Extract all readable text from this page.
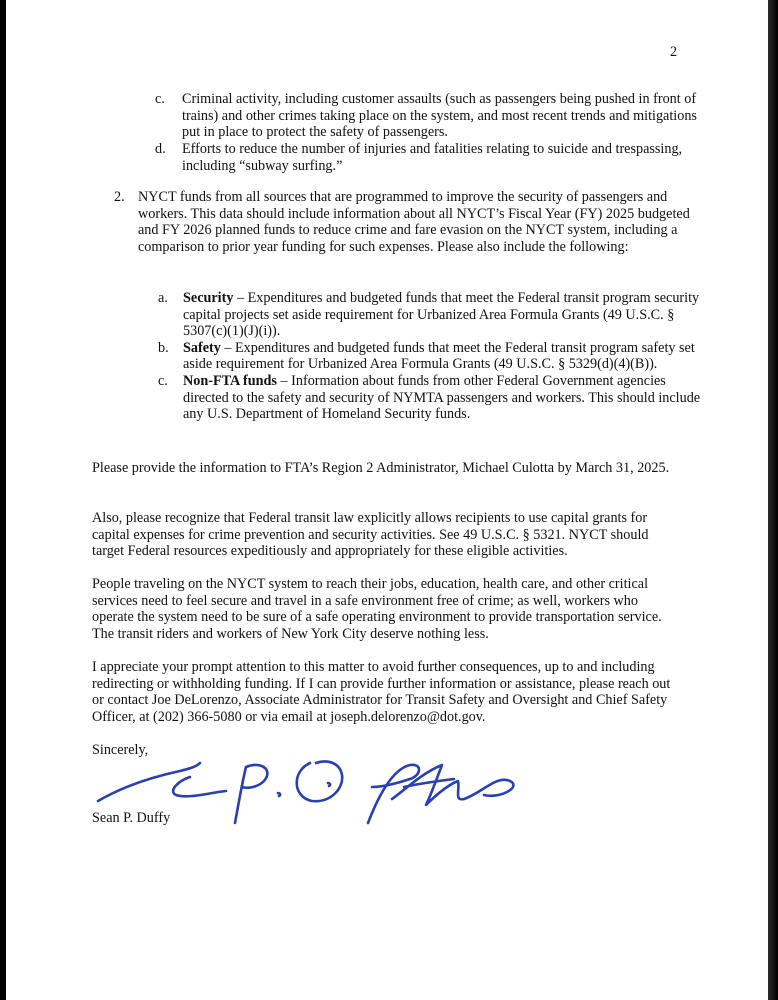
2
c.	Criminal activity, including customer assaults (such as passengers being pushed in front of trains) and other crimes taking place on the system, and most recent trends and mitigations put in place to protect the safety of passengers.
d.	Efforts to reduce the number of injuries and fatalities relating to suicide and trespassing, including “subway surfing.”
2. NYCT funds from all sources that are programmed to improve the security of passengers and workers. This data should include information about all NYCT’s Fiscal Year (FY) 2025 budgeted and FY 2026 planned funds to reduce crime and fare evasion on the NYCT system, including a comparison to prior year funding for such expenses. Please also include the following:
a.	Security – Expenditures and budgeted funds that meet the Federal transit program security capital projects set aside requirement for Urbanized Area Formula Grants (49 U.S.C. § 5307(c)(1)(J)(i)).
b.	Safety – Expenditures and budgeted funds that meet the Federal transit program safety set aside requirement for Urbanized Area Formula Grants (49 U.S.C. § 5329(d)(4)(B)).
c.	Non-FTA funds – Information about funds from other Federal Government agencies directed to the safety and security of NYMTA passengers and workers. This should include any U.S. Department of Homeland Security funds.
Please provide the information to FTA’s Region 2 Administrator, Michael Culotta by March 31, 2025.
Also, please recognize that Federal transit law explicitly allows recipients to use capital grants for capital expenses for crime prevention and security activities. See 49 U.S.C. § 5321. NYCT should target Federal resources expeditiously and appropriately for these eligible activities.
People traveling on the NYCT system to reach their jobs, education, health care, and other critical services need to feel secure and travel in a safe environment free of crime; as well, workers who operate the system need to be sure of a safe operating environment to provide transportation service. The transit riders and workers of New York City deserve nothing less.
I appreciate your prompt attention to this matter to avoid further consequences, up to and including redirecting or withholding funding. If I can provide further information or assistance, please reach out or contact Joe DeLorenzo, Associate Administrator for Transit Safety and Oversight and Chief Safety Officer, at (202) 366-5080 or via email at joseph.delorenzo@dot.gov.
Sincerely,
Sean P. Duffy
